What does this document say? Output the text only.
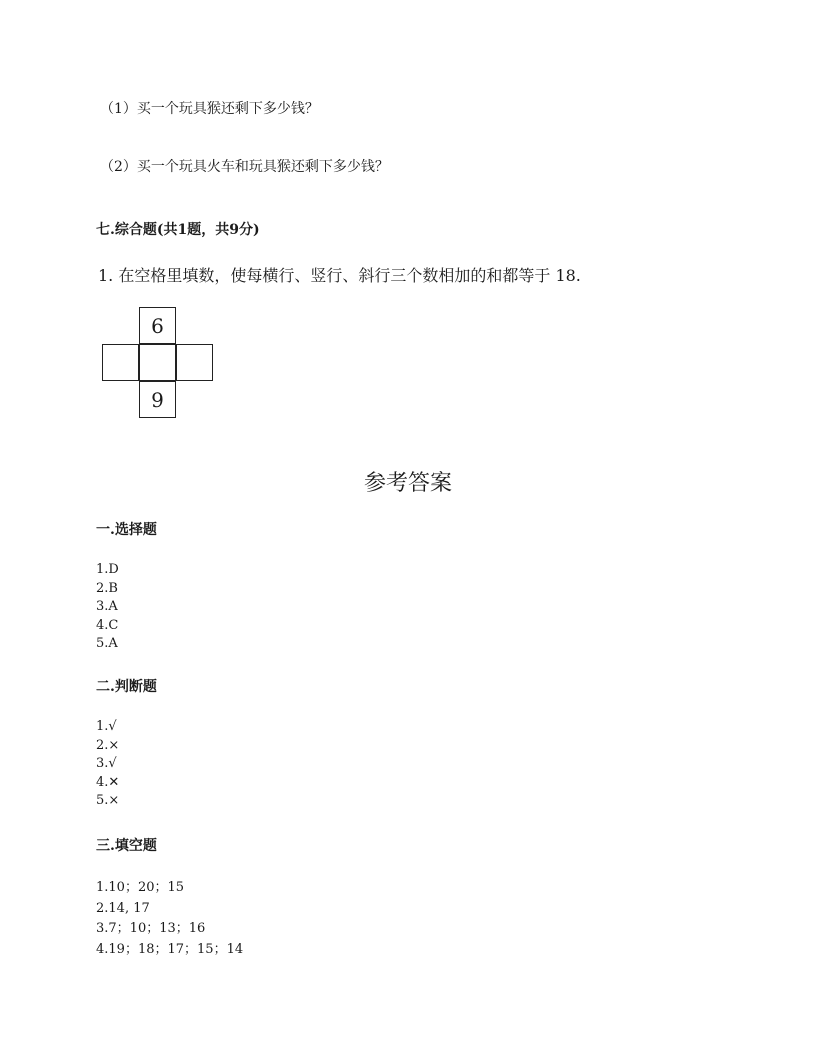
（1）买一个玩具猴还剩下多少钱？
（2）买一个玩具火车和玩具猴还剩下多少钱？
七.综合题(共1题，共9分)
1. 在空格里填数，使每横行、竖行、斜行三个数相加的和都等于 18.
6
9
参考答案
一.选择题
1.D
2.B
3.A
4.C
5.A
二.判断题
1.√
2.×
3.√
4.✕
5.×
三.填空题
1.10；20；15
2.14, 17
3.7；10；13；16
4.19；18；17；15；14
